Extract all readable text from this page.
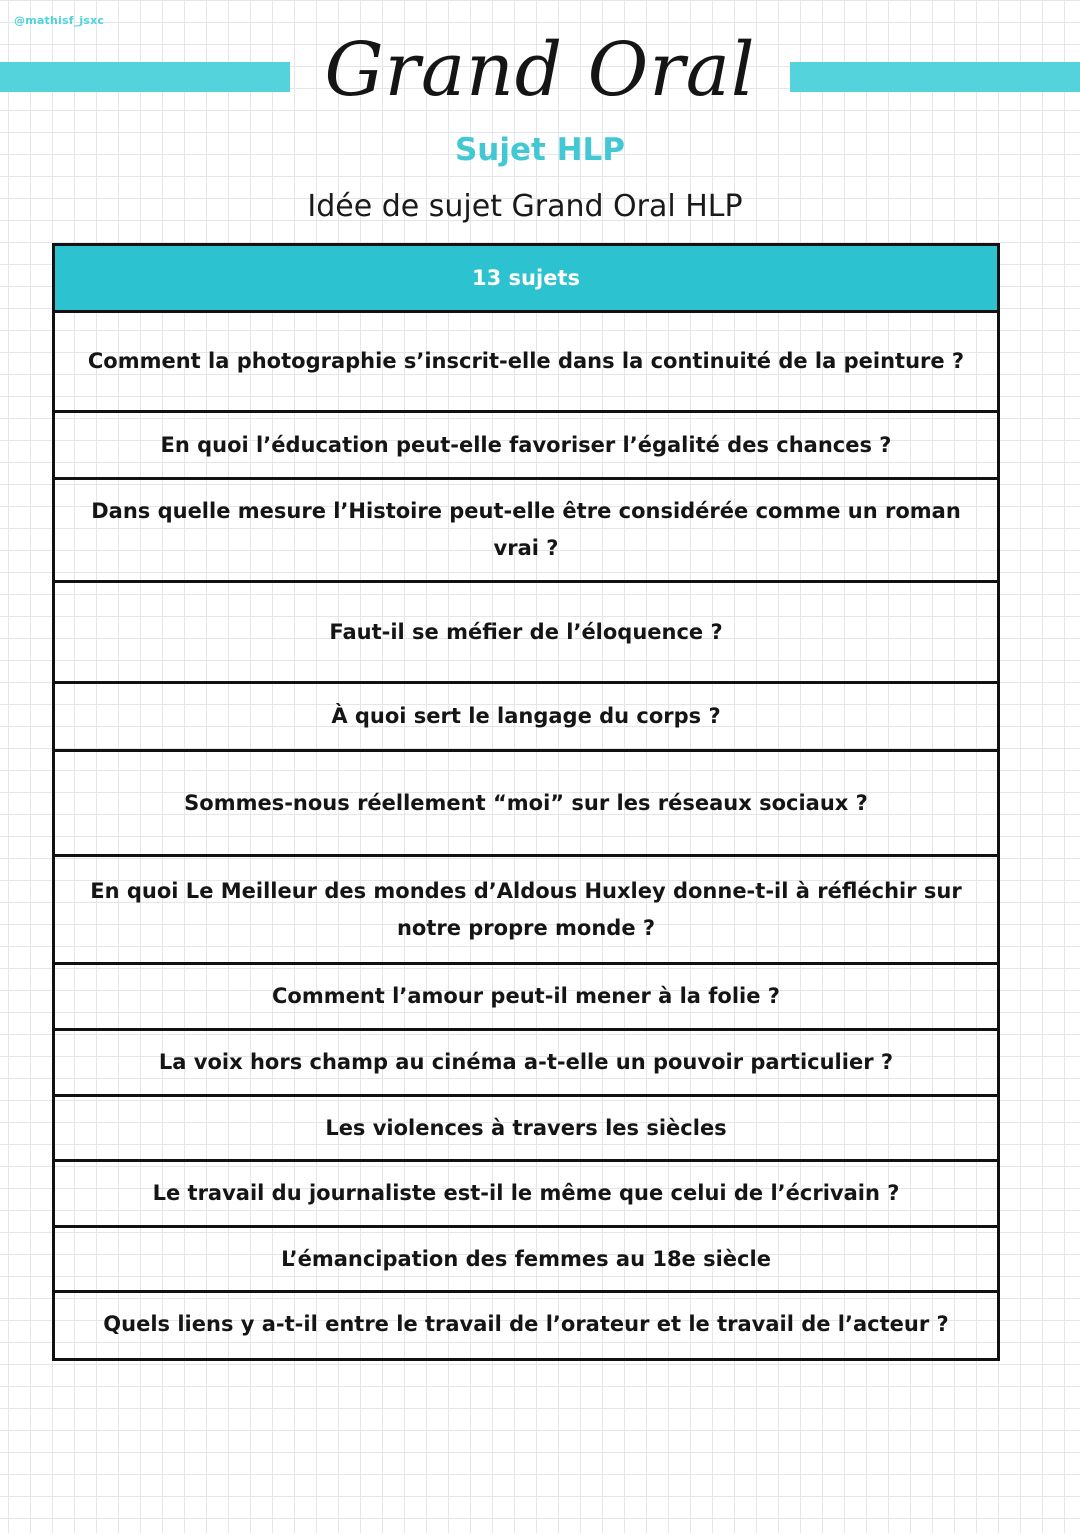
@mathisf_jsxc
Grand Oral
Sujet HLP
Idée de sujet Grand Oral HLP
13 sujets
Comment la photographie s’inscrit-elle dans la continuité de la peinture ?
En quoi l’éducation peut-elle favoriser l’égalité des chances ?
Dans quelle mesure l’Histoire peut-elle être considérée comme un roman vrai ?
Faut-il se méfier de l’éloquence ?
À quoi sert le langage du corps ?
Sommes-nous réellement “moi” sur les réseaux sociaux ?
En quoi Le Meilleur des mondes d’Aldous Huxley donne-t-il à réfléchir sur notre propre monde ?
Comment l’amour peut-il mener à la folie ?
La voix hors champ au cinéma a-t-elle un pouvoir particulier ?
Les violences à travers les siècles
Le travail du journaliste est-il le même que celui de l’écrivain ?
L’émancipation des femmes au 18e siècle
Quels liens y a-t-il entre le travail de l’orateur et le travail de l’acteur ?
